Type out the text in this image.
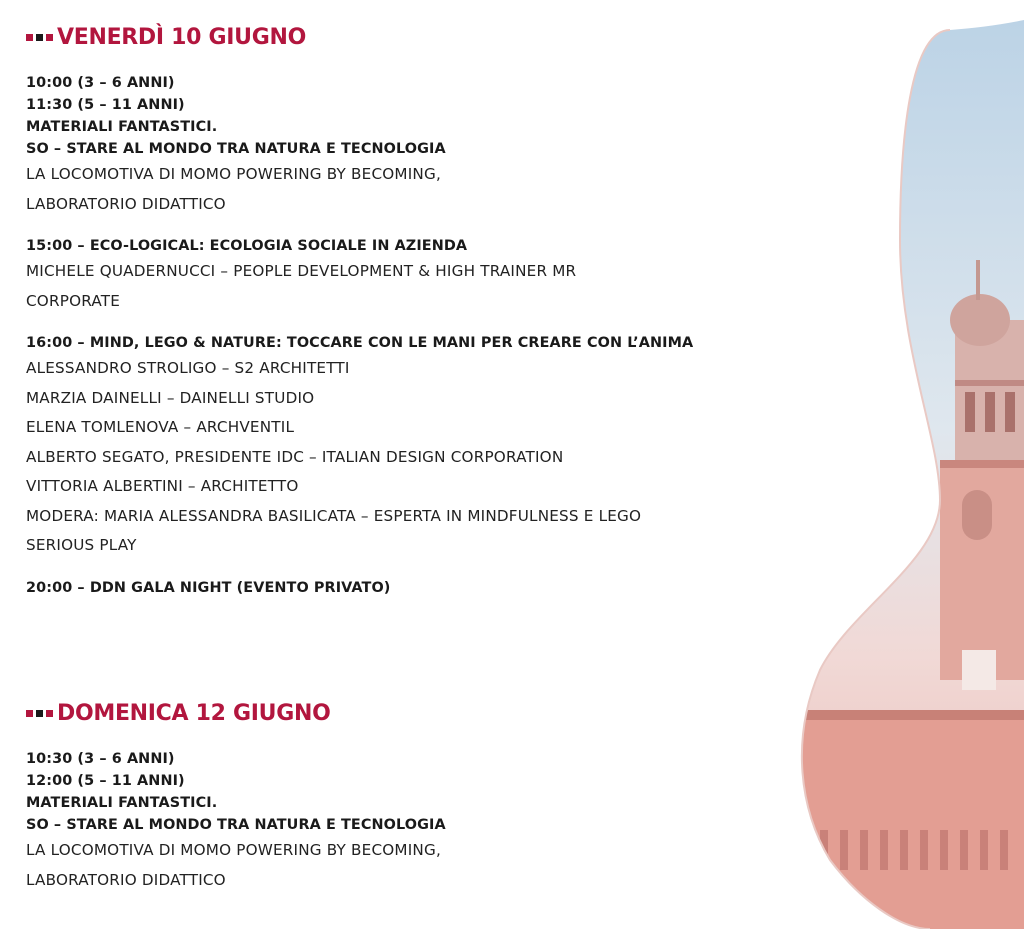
VENERDÌ 10 GIUGNO
10:00 (3 – 6 ANNI)
11:30 (5 – 11 ANNI)
MATERIALI FANTASTICI.
SO – STARE AL MONDO TRA NATURA E TECNOLOGIA
LA LOCOMOTIVA DI MOMO POWERING BY BECOMING,
LABORATORIO DIDATTICO
15:00 – ECO-LOGICAL: ECOLOGIA SOCIALE IN AZIENDA
MICHELE QUADERNUCCI – PEOPLE DEVELOPMENT & HIGH TRAINER MR
CORPORATE
16:00 – MIND, LEGO & NATURE: TOCCARE CON LE MANI PER CREARE CON L’ANIMA
ALESSANDRO STROLIGO – S2 ARCHITETTI
MARZIA DAINELLI – DAINELLI STUDIO
ELENA TOMLENOVA – ARCHVENTIL
ALBERTO SEGATO, PRESIDENTE IDC – ITALIAN DESIGN CORPORATION
VITTORIA ALBERTINI – ARCHITETTO
MODERA: MARIA ALESSANDRA BASILICATA – ESPERTA IN MINDFULNESS E LEGO
SERIOUS PLAY
20:00 – DDN GALA NIGHT (EVENTO PRIVATO)
DOMENICA 12 GIUGNO
10:30 (3 – 6 ANNI)
12:00 (5 – 11 ANNI)
MATERIALI FANTASTICI.
SO – STARE AL MONDO TRA NATURA E TECNOLOGIA
LA LOCOMOTIVA DI MOMO POWERING BY BECOMING,
LABORATORIO DIDATTICO
